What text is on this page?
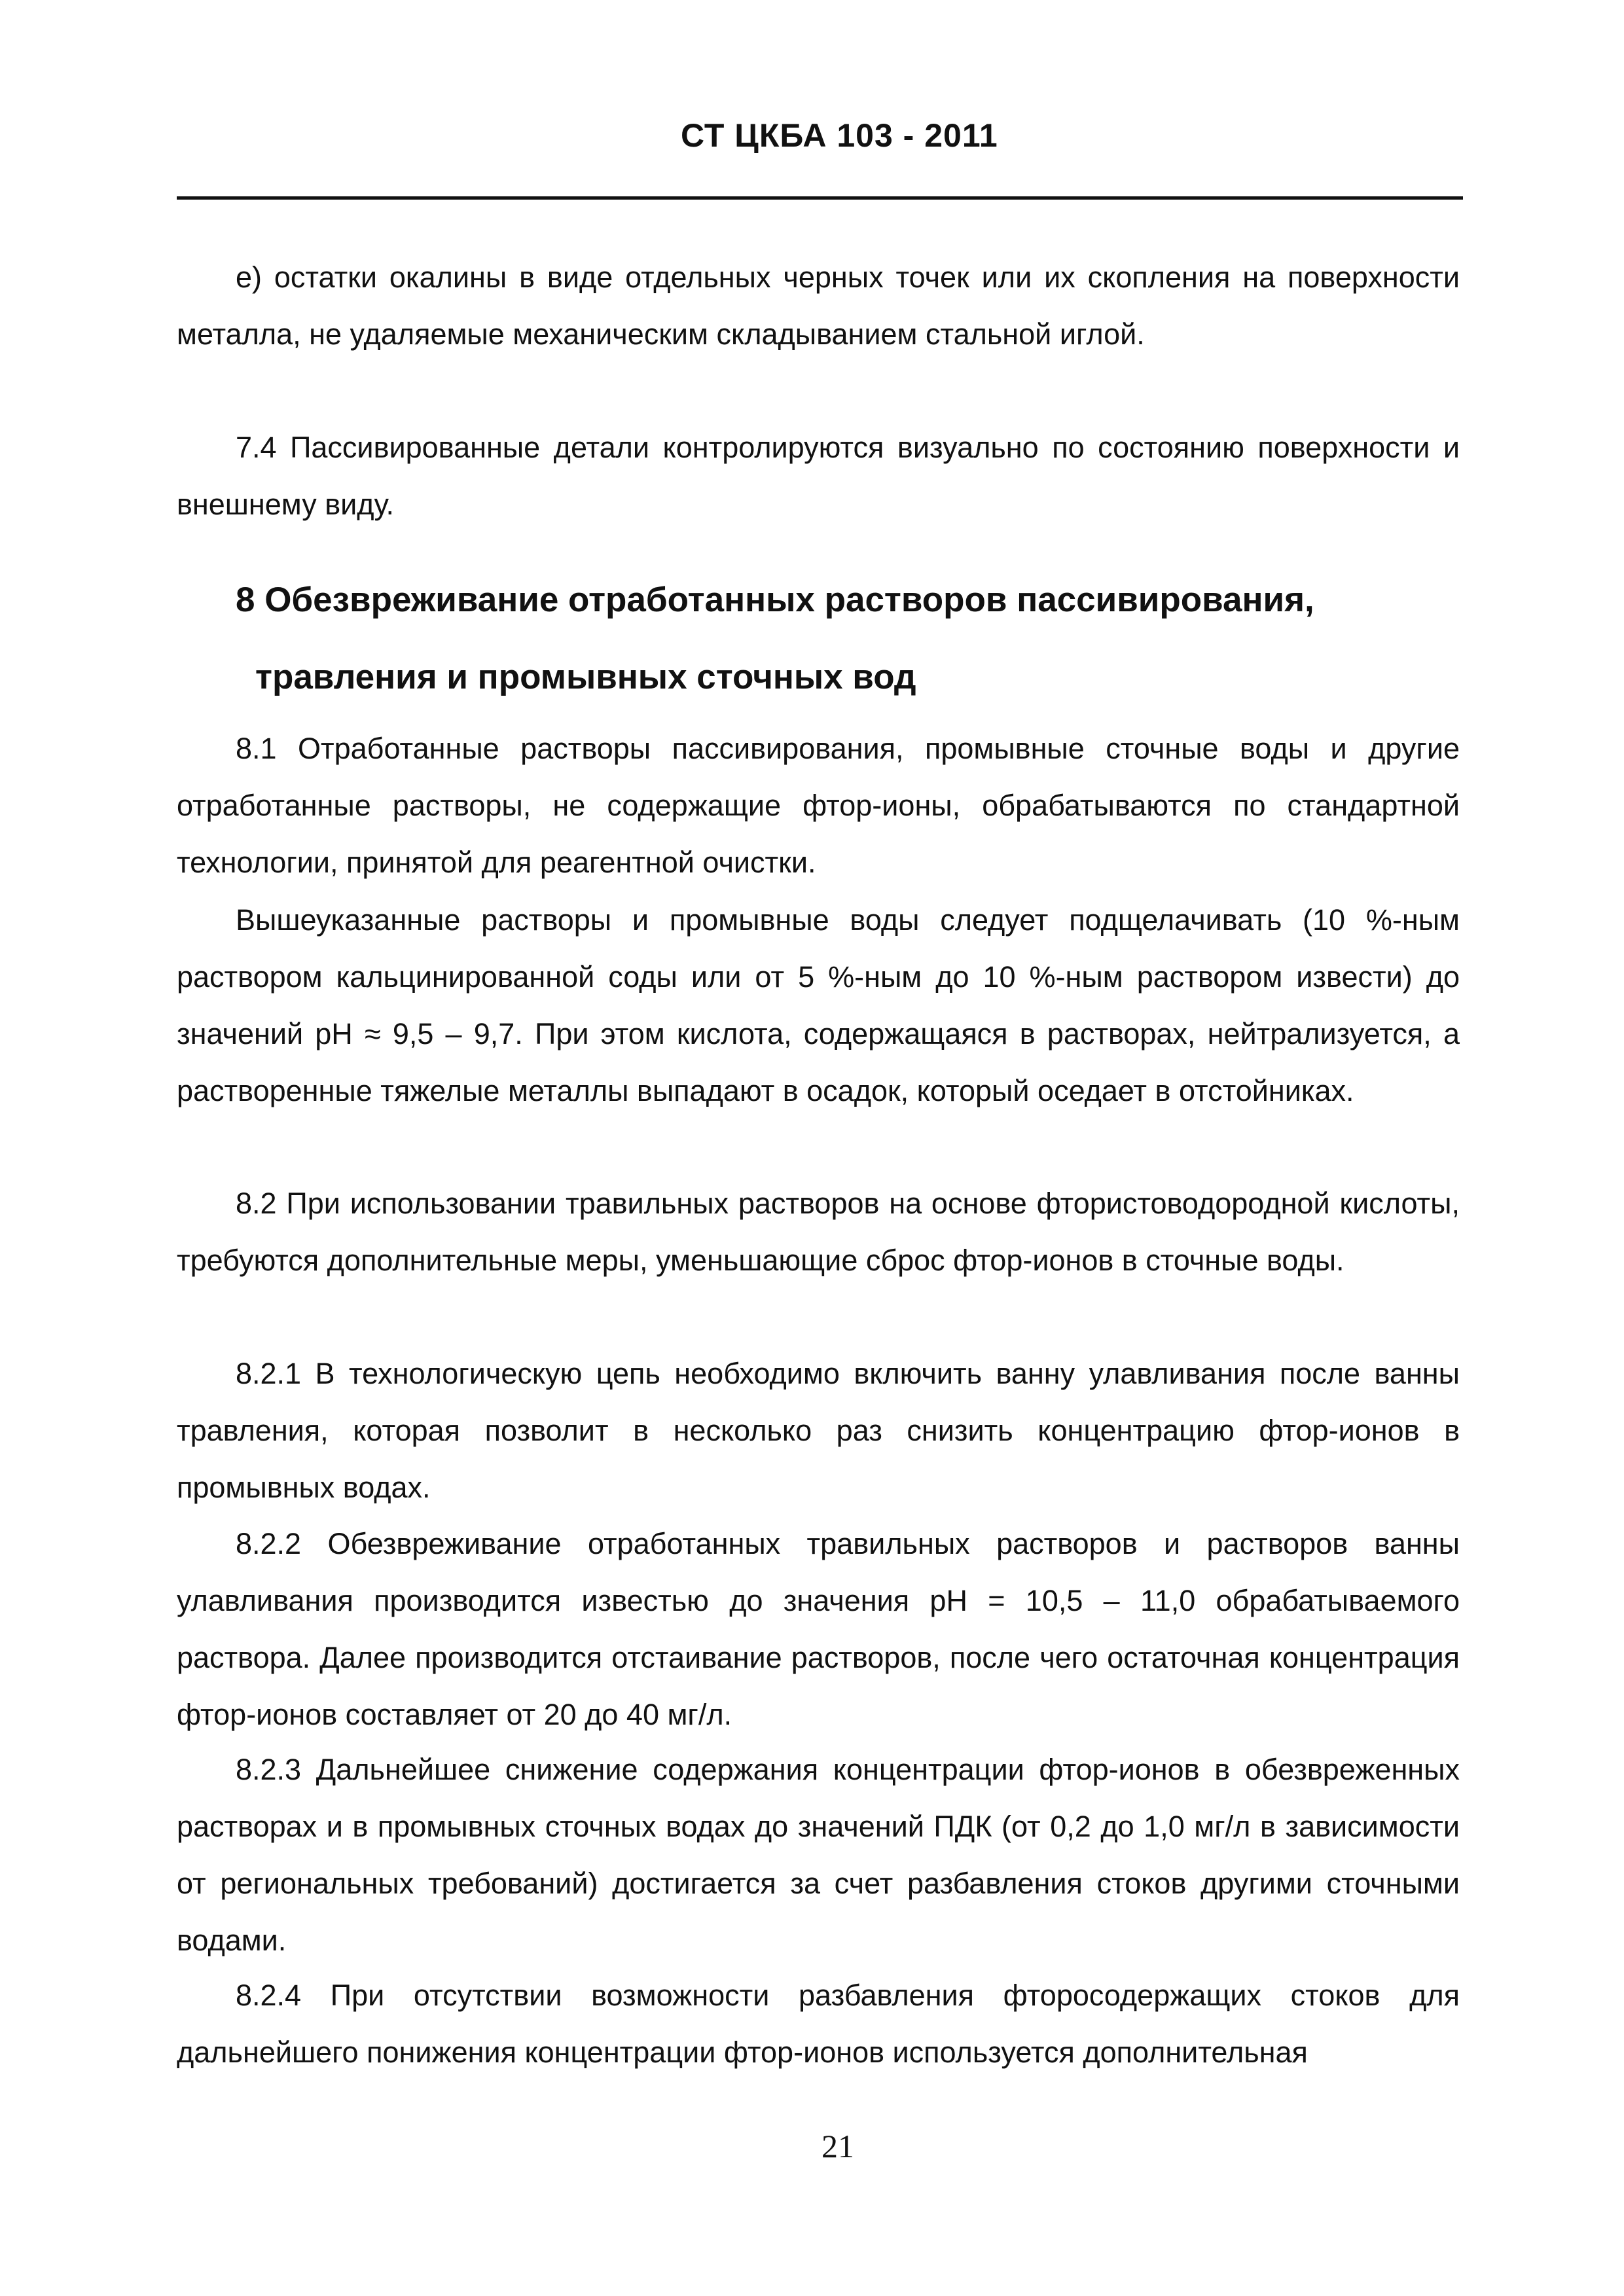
СТ ЦКБА 103 - 2011

е) остатки окалины в виде отдельных черных точек или их скопления на поверхности металла, не удаляемые механическим складыванием стальной иглой.

7.4 Пассивированные детали контролируются визуально по состоянию поверхности и внешнему виду.

8 Обезвреживание отработанных растворов пассивирования,
травления и промывных сточных вод

8.1 Отработанные растворы пассивирования, промывные сточные воды и другие отработанные растворы, не содержащие фтор-ионы, обрабатываются по стандартной технологии, принятой для реагентной очистки.

Вышеуказанные растворы и промывные воды следует подщелачивать (10 %-ным раствором кальцинированной соды или от 5 %-ным до 10 %-ным раствором извести) до значений pH ≈ 9,5 – 9,7. При этом кислота, содержащаяся в растворах, нейтрализуется, а растворенные тяжелые металлы выпадают в осадок, который оседает в отстойниках.

8.2 При использовании травильных растворов на основе фтористоводородной кислоты, требуются дополнительные меры, уменьшающие сброс фтор-ионов в сточные воды.

8.2.1 В технологическую цепь необходимо включить ванну улавливания после ванны травления, которая позволит в несколько раз снизить концентрацию фтор-ионов в промывных водах.

8.2.2 Обезвреживание отработанных травильных растворов и растворов ванны улавливания производится известью до значения pH = 10,5 – 11,0 обрабатываемого раствора. Далее производится отстаивание растворов, после чего остаточная концентрация фтор-ионов составляет от 20 до 40 мг/л.

8.2.3 Дальнейшее снижение содержания концентрации фтор-ионов в обезвреженных растворах и в промывных сточных водах до значений ПДК (от 0,2 до 1,0 мг/л в зависимости от региональных требований) достигается за счет разбавления стоков другими сточными водами.

8.2.4 При отсутствии возможности разбавления фторосодержащих стоков для дальнейшего понижения концентрации фтор-ионов используется дополнительная

21
